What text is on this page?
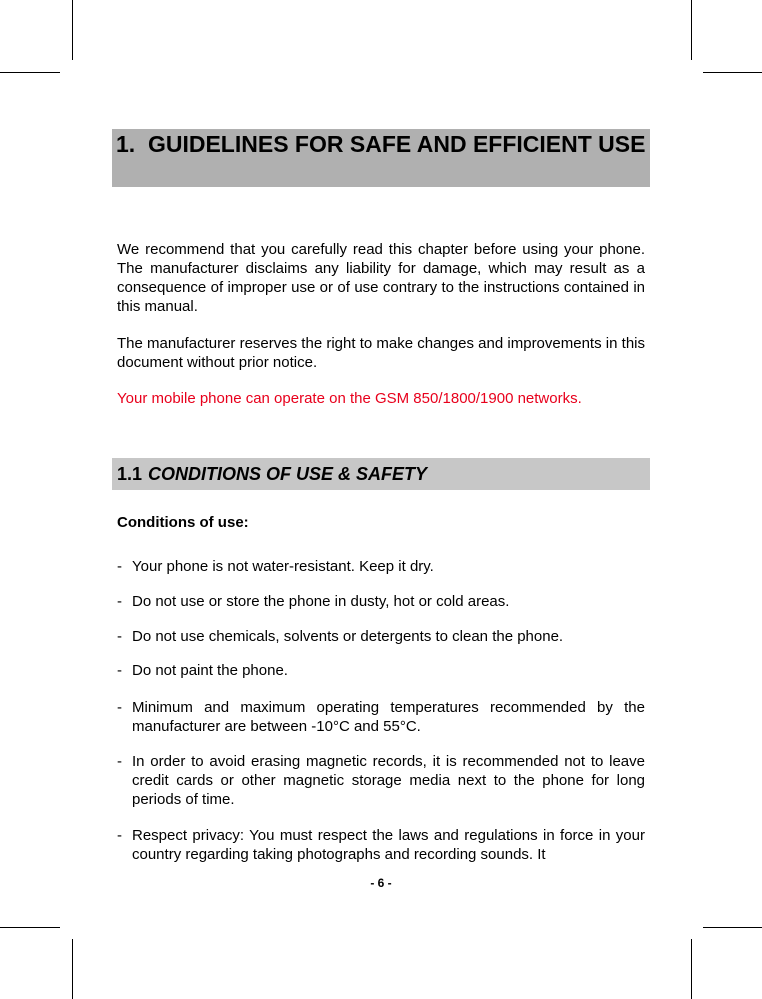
1. GUIDELINES FOR SAFE AND EFFICIENT USE
We recommend that you carefully read this chapter before using your phone. The manufacturer disclaims any liability for damage, which may result as a consequence of improper use or of use contrary to the instructions contained in this manual.
The manufacturer reserves the right to make changes and improvements in this document without prior notice.
Your mobile phone can operate on the GSM 850/1800/1900 networks.
1.1 CONDITIONS OF USE & SAFETY
Conditions of use:
- Your phone is not water-resistant. Keep it dry.
- Do not use or store the phone in dusty, hot or cold areas.
- Do not use chemicals, solvents or detergents to clean the phone.
- Do not paint the phone.
- Minimum and maximum operating temperatures recommended by the manufacturer are between -10°C and 55°C.
- In order to avoid erasing magnetic records, it is recommended not to leave credit cards or other magnetic storage media next to the phone for long periods of time.
- Respect privacy: You must respect the laws and regulations in force in your country regarding taking photographs and recording sounds. It
- 6 -
